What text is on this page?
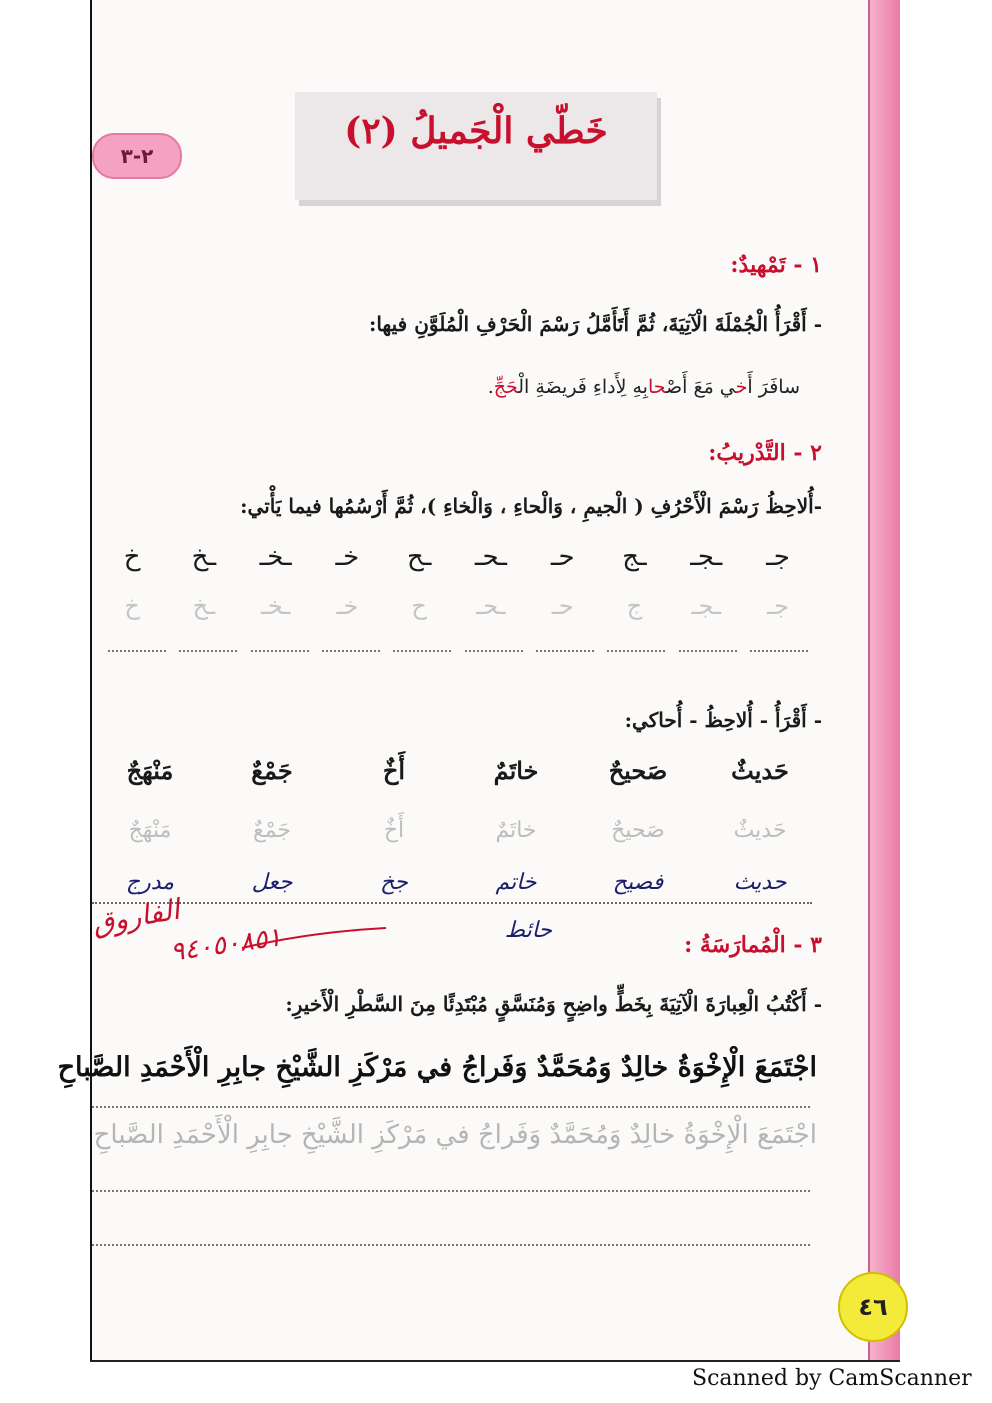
خَطّي الْجَميلُ (٢)
٢-٣
١ - تَمْهيدٌ:
- أَقْرَأُ الْجُمْلَةَ الْآتِيَةَ، ثُمَّ أَتَأَمَّلُ رَسْمَ الْحَرْفِ الْمُلَوَّنِ فيها:
سافَرَ أَخي مَعَ أَصْحابِهِ لِأَداءِ فَريضَةِ الْحَجِّ.
٢ - التَّدْريبُ:
-أُلاحِظُ رَسْمَ الْأَحْرُفِ ( الْجيمِ ، وَالْحاءِ ، وَالْخاءِ )، ثُمَّ أَرْسُمُها فيما يَأْتي:
جـ
ـجـ
ـج
حـ
ـحـ
ـح
خـ
ـخـ
ـخ
خ
جـ
ـجـ
ج
حـ
ـحـ
ح
خـ
ـخـ
ـخ
خ
- أَقْرَأُ - أُلاحِظُ - أُحاكي:
حَديثٌ
صَحيحٌ
خاتَمٌ
أَخٌ
جَمْعٌ
مَنْهَجٌ
حَديثٌ
صَحيحٌ
خاتَمٌ
أَخٌ
جَمْعٌ
مَنْهَجٌ
حديث
فصيح
خاتم
جخ
جعل
مدرج
حائط
الفاروق
٩٤٠٥٠٨٥١	٣ - الْمُمارَسَةُ :
- أَكْتُبُ الْعِبارَةَ الْآتِيَةَ بِخَطٍّ واضِحٍ وَمُنَسَّقٍ مُبْتَدِئًا مِنَ السَّطْرِ الْأَخيرِ:
اجْتَمَعَ الْإِخْوَةُ خالِدٌ وَمُحَمَّدٌ وَفَراجُ في مَرْكَزِ الشَّيْخِ جابِرِ الْأَحْمَدِ الصَّباحِ
اجْتَمَعَ الْإِخْوَةُ خالِدٌ وَمُحَمَّدٌ وَفَراجُ في مَرْكَزِ الشَّيْخِ جابِرِ الْأَحْمَدِ الصَّباحِ
٤٦
Scanned by CamScanner
